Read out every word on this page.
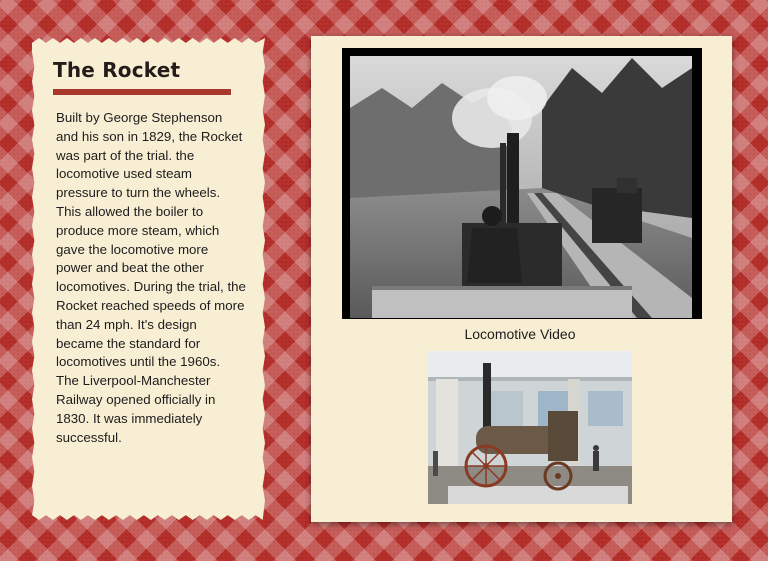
The Rocket

Built by George Stephenson and his son in 1829, the Rocket was part of the trial. the locomotive used steam pressure to turn the wheels. This allowed the boiler to produce more steam, which gave the locomotive more power and beat the other locomotives. During the trial, the Rocket reached speeds of more than 24 mph. It's design became the standard for locomotives until the 1960s. The Liverpool-Manchester Railway opened officially in 1830. It was immediately successful.

Locomotive Video
